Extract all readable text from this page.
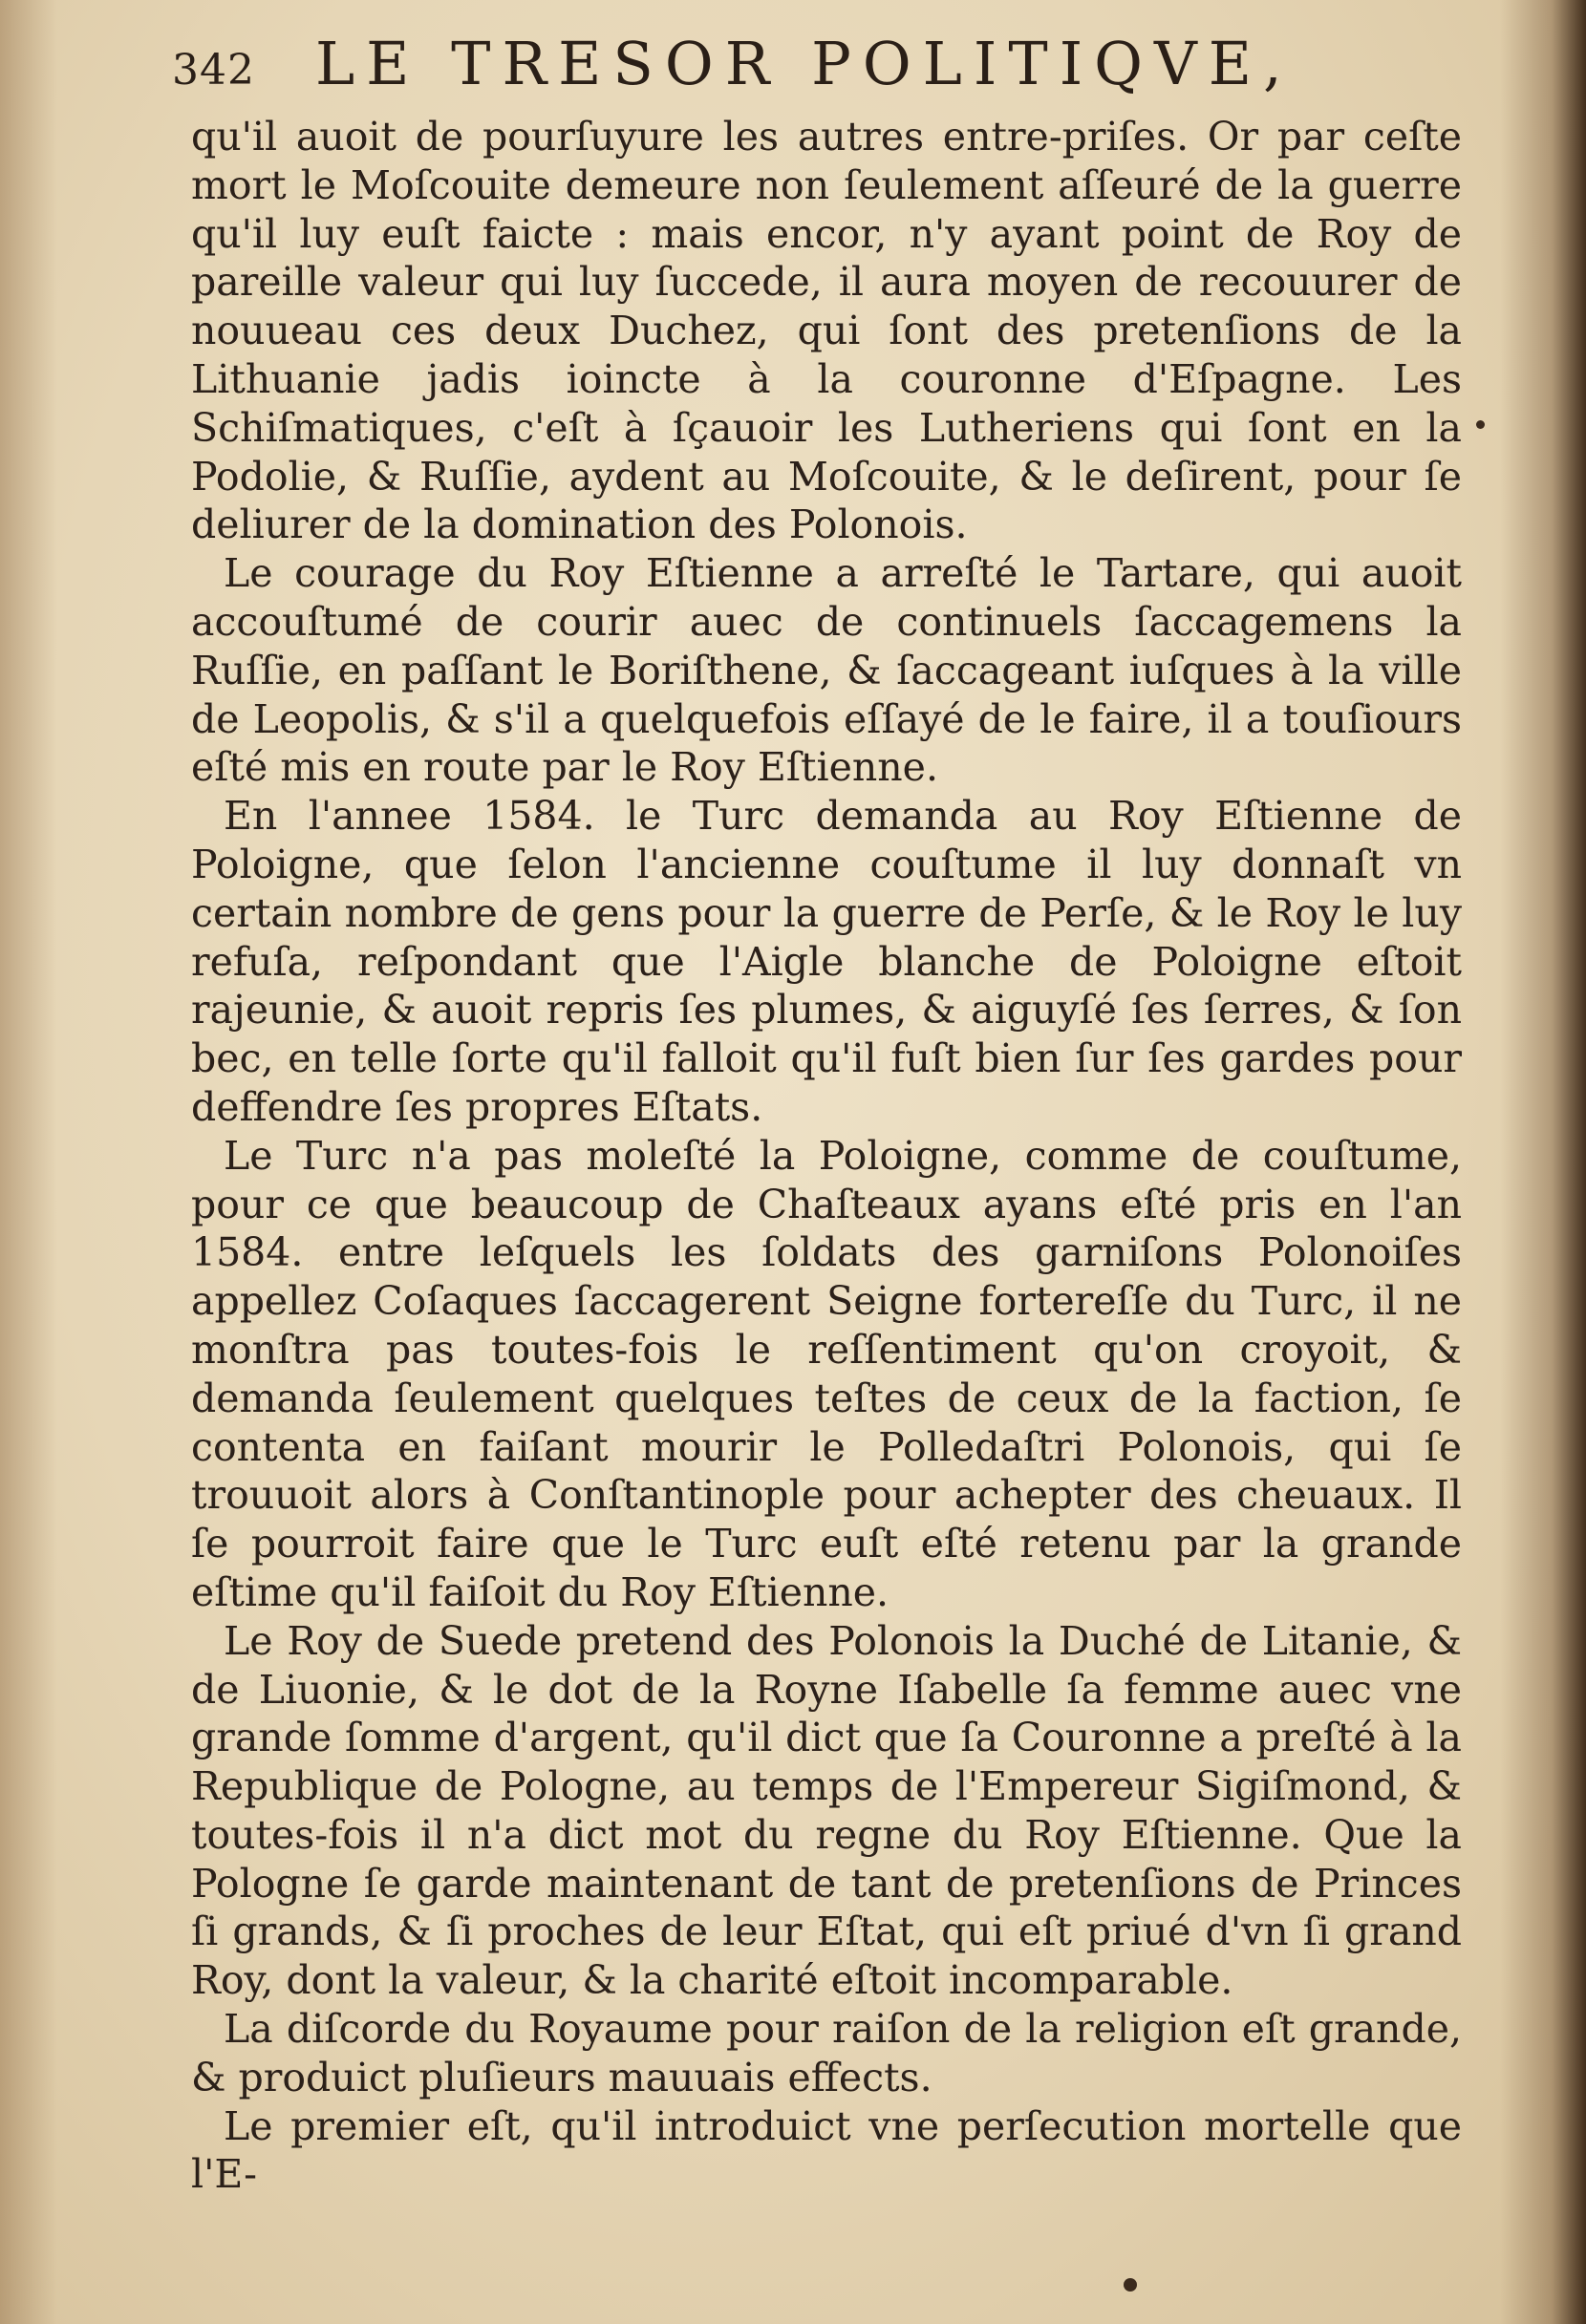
342	LE TRESOR POLITIQVE,

qu'il auoit de pourſuyure les autres entre-priſes. Or par ceſte mort le Moſcouite demeure non ſeulement aſſeuré de la guerre qu'il luy euſt faicte : mais encor, n'y ayant point de Roy de pareille valeur qui luy ſuccede, il aura moyen de recouurer de nouueau ces deux Duchez, qui ſont des pretenſions de la Lithuanie jadis ioincte à la couronne d'Eſpagne. Les Schiſmatiques, c'eſt à ſçauoir les Lutheriens qui ſont en la Podolie, & Ruſſie, aydent au Moſcouite, & le deſirent, pour ſe deliurer de la domination des Polonois.

Le courage du Roy Eſtienne a arreſté le Tartare, qui auoit accouſtumé de courir auec de continuels ſaccagemens la Ruſſie, en paſſant le Boriſthene, & ſaccageant iuſques à la ville de Leopolis, & s'il a quelquefois eſſayé de le faire, il a touſiours eſté mis en route par le Roy Eſtienne.

En l'annee 1584. le Turc demanda au Roy Eſtienne de Poloigne, que ſelon l'ancienne couſtume il luy donnaſt vn certain nombre de gens pour la guerre de Perſe, & le Roy le luy refuſa, reſpondant que l'Aigle blanche de Poloigne eſtoit rajeunie, & auoit repris ſes plumes, & aiguyſé ſes ſerres, & ſon bec, en telle ſorte qu'il falloit qu'il fuſt bien ſur ſes gardes pour deffendre ſes propres Eſtats.

Le Turc n'a pas moleſté la Poloigne, comme de couſtume, pour ce que beaucoup de Chaſteaux ayans eſté pris en l'an 1584. entre leſquels les ſoldats des garniſons Polonoiſes appellez Coſaques ſaccagerent Seigne fortereſſe du Turc, il ne monſtra pas toutes-fois le reſſentiment qu'on croyoit, & demanda ſeulement quelques teſtes de ceux de la faction, ſe contenta en faiſant mourir le Polledaſtri Polonois, qui ſe trouuoit alors à Conſtantinople pour achepter des cheuaux. Il ſe pourroit faire que le Turc euſt eſté retenu par la grande eſtime qu'il faiſoit du Roy Eſtienne.

Le Roy de Suede pretend des Polonois la Duché de Litanie, & de Liuonie, & le dot de la Royne Iſabelle ſa femme auec vne grande ſomme d'argent, qu'il dict que ſa Couronne a preſté à la Republique de Pologne, au temps de l'Empereur Sigiſmond, & toutes-fois il n'a dict mot du regne du Roy Eſtienne. Que la Pologne ſe garde maintenant de tant de pretenſions de Princes ſi grands, & ſi proches de leur Eſtat, qui eſt priué d'vn ſi grand Roy, dont la valeur, & la charité eſtoit incomparable.

La diſcorde du Royaume pour raiſon de la religion eſt grande, & produict pluſieurs mauuais effects.

Le premier eſt, qu'il introduict vne perſecution mortelle que l'E-
